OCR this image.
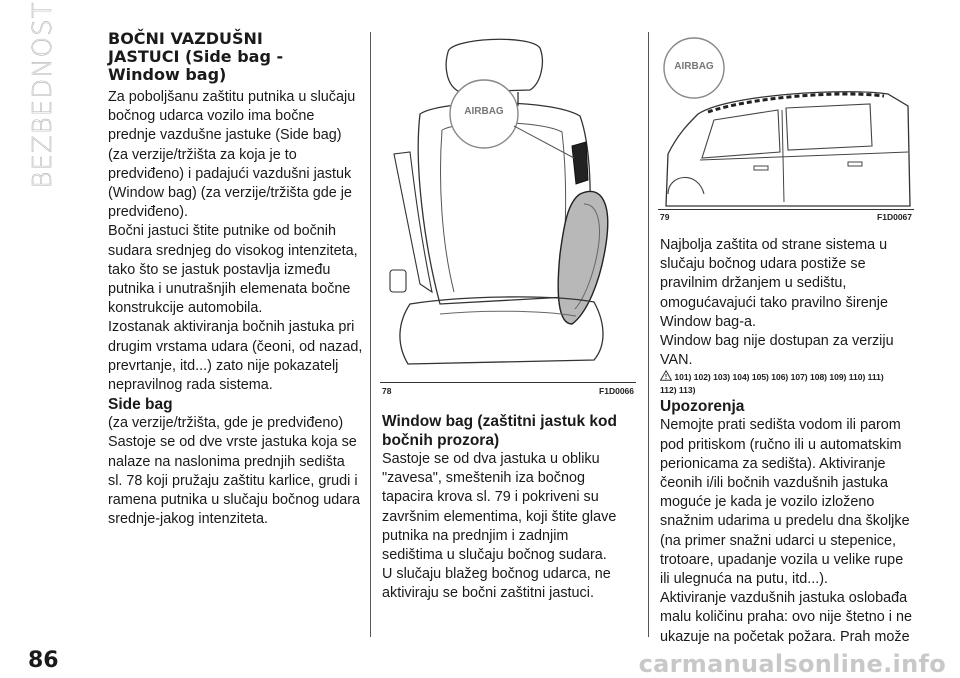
BEZBEDNOST	BOČNI VAZDUŠNI
JASTUCI (Side bag -
Window bag)

Za poboljšanu zaštitu putnika u slučaju bočnog udarca vozilo ima bočne prednje vazdušne jastuke (Side bag) (za verzije/tržišta za koja je to predviđeno) i padajući vazdušni jastuk (Window bag) (za verzije/tržišta gde je predviđeno).

Bočni jastuci štite putnike od bočnih sudara srednjeg do visokog intenziteta, tako što se jastuk postavlja između putnika i unutrašnjih elemenata bočne konstrukcije automobila.

Izostanak aktiviranja bočnih jastuka pri drugim vrstama udara (čeoni, od nazad, prevrtanje, itd...) zato nije pokazatelj nepravilnog rada sistema.

Side bag

(za verzije/tržišta, gde je predviđeno)

Sastoje se od dve vrste jastuka koja se nalaze na naslonima prednjih sedišta sl. 78 koji pružaju zaštitu karlice, grudi i ramena putnika u slučaju bočnog udara srednje-jakog intenziteta.

AIRBAG
78	F1D0066

Window bag (zaštitni jastuk kod bočnih prozora)

Sastoje se od dva jastuka u obliku "zavesa", smeštenih iza bočnog tapacira krova sl. 79 i pokriveni su završnim elementima, koji štite glave putnika na prednjim i zadnjim sedištima u slučaju bočnog sudara.

U slučaju blažeg bočnog udarca, ne aktiviraju se bočni zaštitni jastuci.

AIRBAG
79	F1D0067

Najbolja zaštita od strane sistema u slučaju bočnog udara postiže se pravilnim držanjem u sedištu, omogućavajući tako pravilno širenje Window bag-a.

Window bag nije dostupan za verziju VAN.

101) 102) 103) 104) 105) 106) 107) 108) 109) 110) 111)
112) 113)

Upozorenja

Nemojte prati sedišta vodom ili parom pod pritiskom (ručno ili u automatskim perionicama za sedišta). Aktiviranje čeonih i/ili bočnih vazdušnih jastuka moguće je kada je vozilo izloženo snažnim udarima u predelu dna školjke (na primer snažni udarci u stepenice, trotoare, upadanje vozila u velike rupe ili ulegnuća na putu, itd...).

Aktiviranje vazdušnih jastuka oslobađa malu količinu praha: ovo nije štetno i ne ukazuje na početak požara. Prah može

86	carmanualsonline.info
